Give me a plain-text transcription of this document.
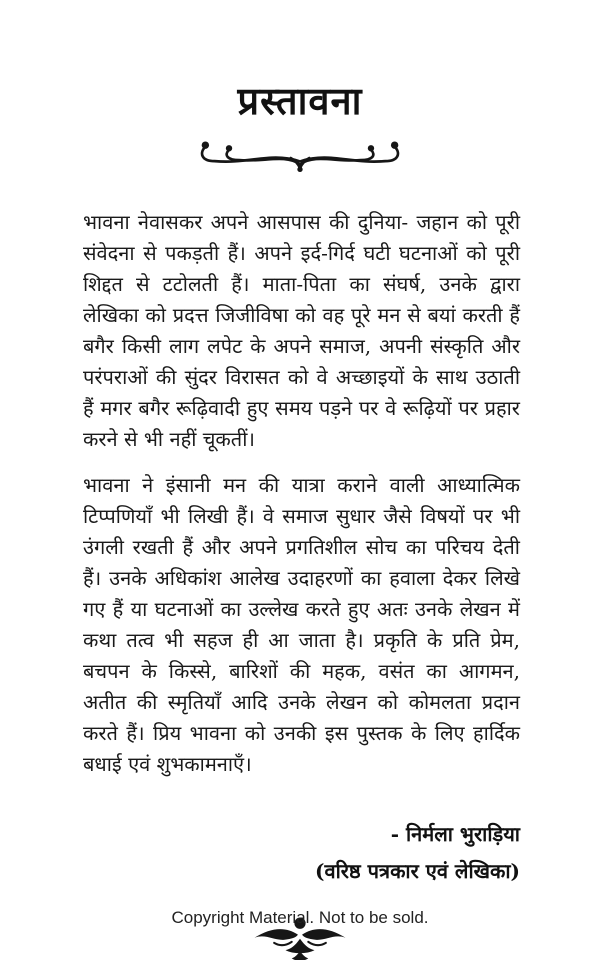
प्रस्तावना

भावना नेवासकर अपने आसपास की दुनिया- जहान को पूरी संवेदना से पकड़ती हैं। अपने इर्द-गिर्द घटी घटनाओं को पूरी शिद्दत से टटोलती हैं। माता-पिता का संघर्ष, उनके द्वारा लेखिका को प्रदत्त जिजीविषा को वह पूरे मन से बयां करती हैं बगैर किसी लाग लपेट के अपने समाज, अपनी संस्कृति और परंपराओं की सुंदर विरासत को वे अच्छाइयों के साथ उठाती हैं मगर बगैर रूढ़िवादी हुए समय पड़ने पर वे रूढ़ियों पर प्रहार करने से भी नहीं चूकतीं।

भावना ने इंसानी मन की यात्रा कराने वाली आध्यात्मिक टिप्पणियाँ भी लिखी हैं। वे समाज सुधार जैसे विषयों पर भी उंगली रखती हैं और अपने प्रगतिशील सोच का परिचय देती हैं। उनके अधिकांश आलेख उदाहरणों का हवाला देकर लिखे गए हैं या घटनाओं का उल्लेख करते हुए अतः उनके लेखन में कथा तत्व भी सहज ही आ जाता है। प्रकृति के प्रति प्रेम, बचपन के किस्से, बारिशों की महक, वसंत का आगमन, अतीत की स्मृतियाँ आदि उनके लेखन को कोमलता प्रदान करते हैं। प्रिय भावना को उनकी इस पुस्तक के लिए हार्दिक बधाई एवं शुभकामनाएँ।

- निर्मला भुराड़िया
(वरिष्ठ पत्रकार एवं लेखिका)
Copyright Material. Not to be sold.
